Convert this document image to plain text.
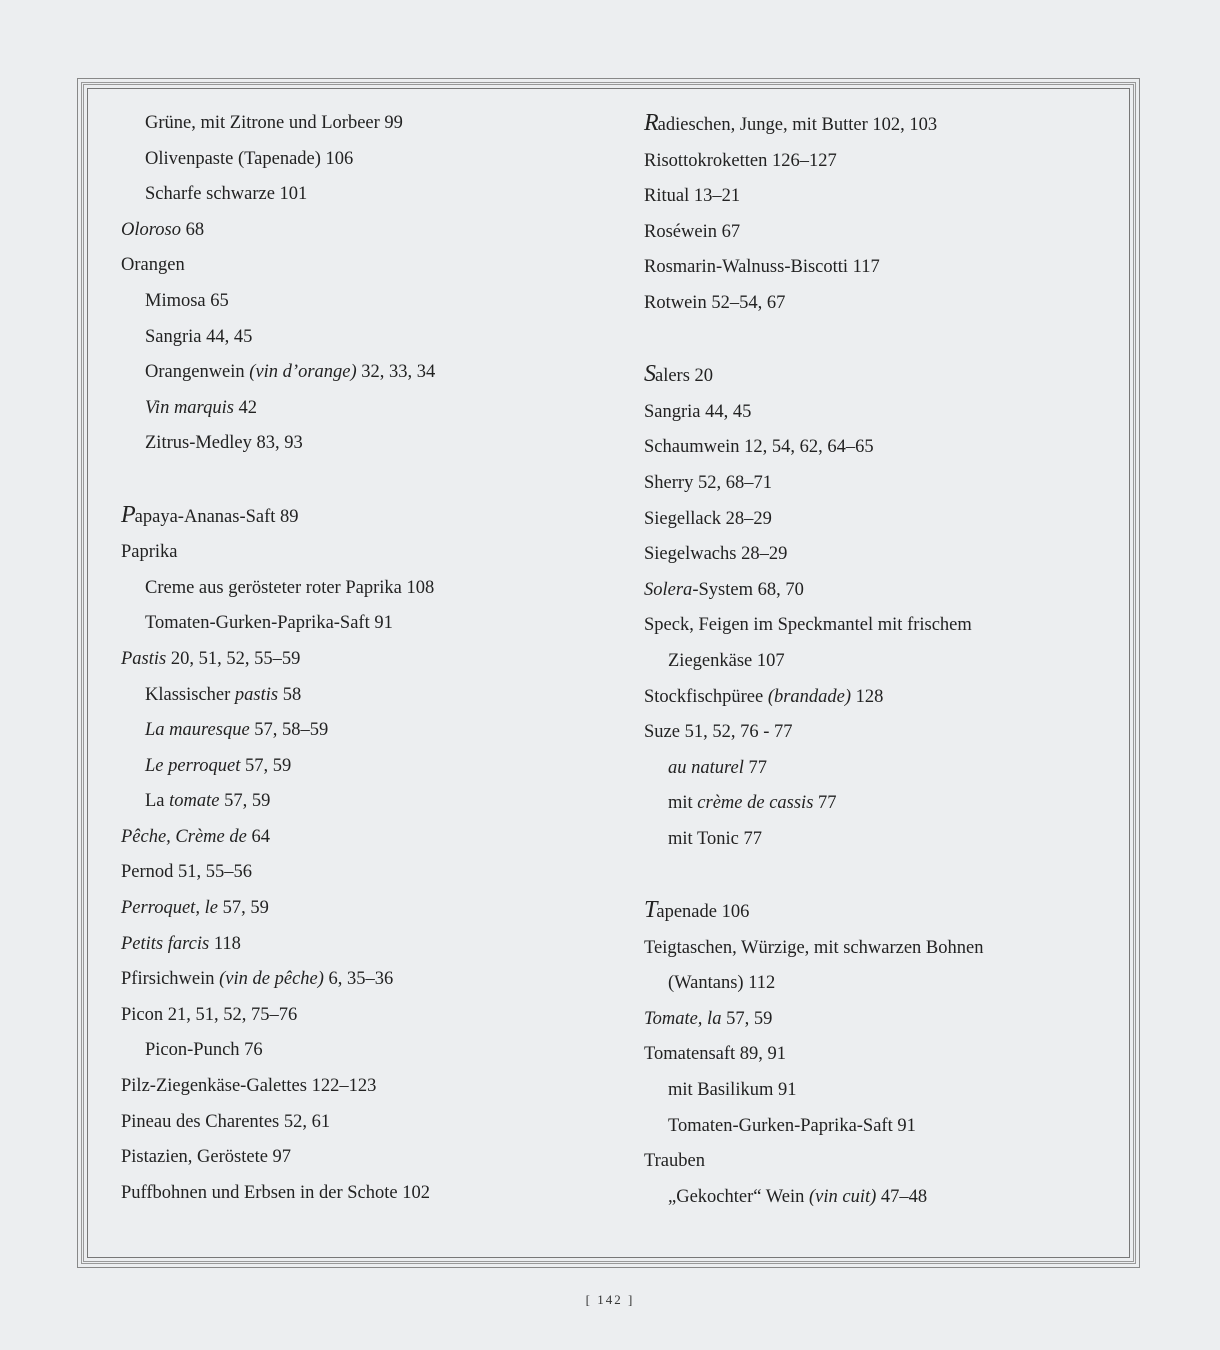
Grüne, mit Zitrone und Lorbeer 99
Olivenpaste (Tapenade) 106
Scharfe schwarze 101
Oloroso 68
Orangen
Mimosa 65
Sangria 44, 45
Orangenwein (vin d’orange) 32, 33, 34
Vin marquis 42
Zitrus-Medley 83, 93
Papaya-Ananas-Saft 89
Paprika
Creme aus gerösteter roter Paprika 108
Tomaten-Gurken-Paprika-Saft 91
Pastis 20, 51, 52, 55–59
Klassischer pastis 58
La mauresque 57, 58–59
Le perroquet 57, 59
La tomate 57, 59
Pêche, Crème de 64
Pernod 51, 55–56
Perroquet, le 57, 59
Petits farcis 118
Pfirsichwein (vin de pêche) 6, 35–36
Picon 21, 51, 52, 75–76
Picon-Punch 76
Pilz-Ziegenkäse-Galettes 122–123
Pineau des Charentes 52, 61
Pistazien, Geröstete 97
Puffbohnen und Erbsen in der Schote 102
Radieschen, Junge, mit Butter 102, 103
Risottokroketten 126–127
Ritual 13–21
Roséwein 67
Rosmarin-Walnuss-Biscotti 117
Rotwein 52–54, 67
Salers 20
Sangria 44, 45
Schaumwein 12, 54, 62, 64–65
Sherry 52, 68–71
Siegellack 28–29
Siegelwachs 28–29
Solera-System 68, 70
Speck, Feigen im Speckmantel mit frischem
Ziegenkäse 107
Stockfischpüree (brandade) 128
Suze 51, 52, 76 - 77
au naturel 77
mit crème de cassis 77
mit Tonic 77
Tapenade 106
Teigtaschen, Würzige, mit schwarzen Bohnen
(Wantans) 112
Tomate, la 57, 59
Tomatensaft 89, 91
mit Basilikum 91
Tomaten-Gurken-Paprika-Saft 91
Trauben
„Gekochter“ Wein (vin cuit) 47–48
[ 142 ]
